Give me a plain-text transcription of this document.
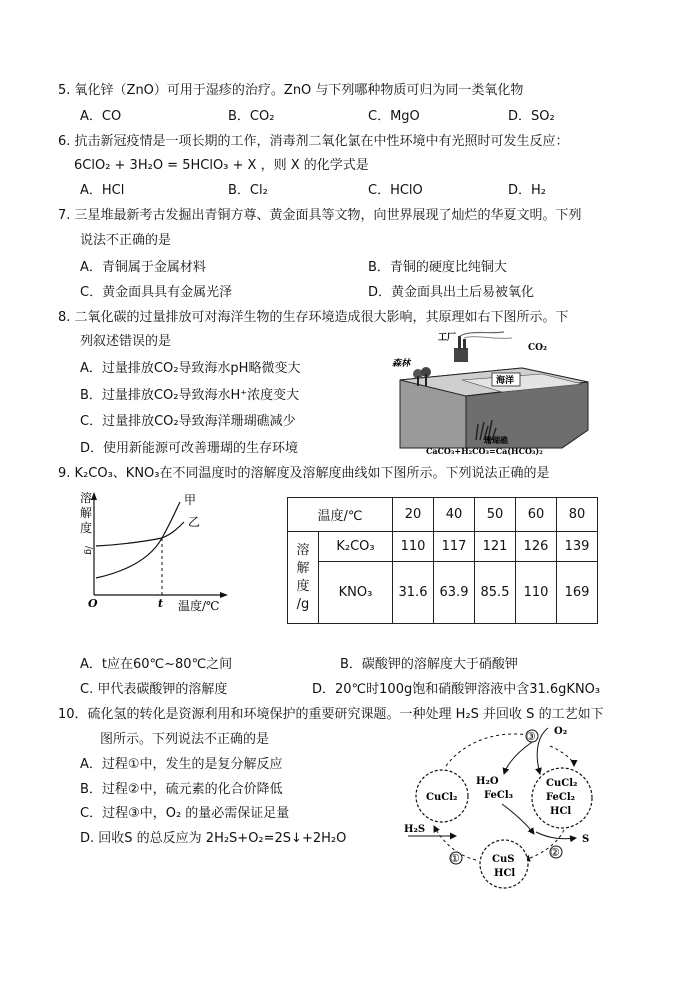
5. 氧化锌（ZnO）可用于湿疹的治疗。ZnO 与下列哪种物质可归为同一类氧化物
A．CO	B．CO₂	C．MgO	D．SO₂
6. 抗击新冠疫情是一项长期的工作，消毒剂二氧化氯在中性环境中有光照时可发生反应：
6ClO₂ + 3H₂O = 5HClO₃ + X ，则 X 的化学式是
A．HCl	B．Cl₂	C．HClO	D．H₂
7. 三星堆最新考古发掘出青铜方尊、黄金面具等文物，向世界展现了灿烂的华夏文明。下列
说法不正确的是
A．青铜属于金属材料	B．青铜的硬度比纯铜大
C．黄金面具具有金属光泽	D．黄金面具出土后易被氧化
8. 二氧化碳的过量排放可对海洋生物的生存环境造成很大影响，其原理如右下图所示。下
列叙述错误的是
A．过量排放CO₂导致海水pH略微变大
B．过量排放CO₂导致海水H⁺浓度变大
C．过量排放CO₂导致海洋珊瑚礁减少
D．使用新能源可改善珊瑚的生存环境
工厂
CO₂
森林
海洋
珊瑚礁
CaCO₃+H₂CO₃=Ca(HCO₃)₂
9. K₂CO₃、KNO₃在不同温度时的溶解度及溶解度曲线如下图所示。下列说法正确的是
溶
解
度
/g
甲
乙
O	t 温度/℃
温度/℃		20	40	50	60	80

溶
解
度
/g	K₂CO₃	110	117	121	126	139
	KNO₃	31.6	63.9	85.5	110	169
A．t应在60℃~80℃之间	B．碳酸钾的溶解度大于硝酸钾
C. 甲代表碳酸钾的溶解度	D．20℃时100g饱和硝酸钾溶液中含31.6gKNO₃
10．硫化氢的转化是资源利用和环境保护的重要研究课题。一种处理 H₂S 并回收 S 的工艺如下
图所示。下列说法不正确的是
A．过程①中，发生的是复分解反应
B．过程②中，硫元素的化合价降低
C．过程③中，O₂ 的量必需保证足量
D. 回收S 的总反应为 2H₂S+O₂=2S↓+2H₂O
CuCl₂
CuCl₂
FeCl₂
HCl
CuS
HCl
H₂O
FeCl₃
O₂
H₂S
S
①	②
③
